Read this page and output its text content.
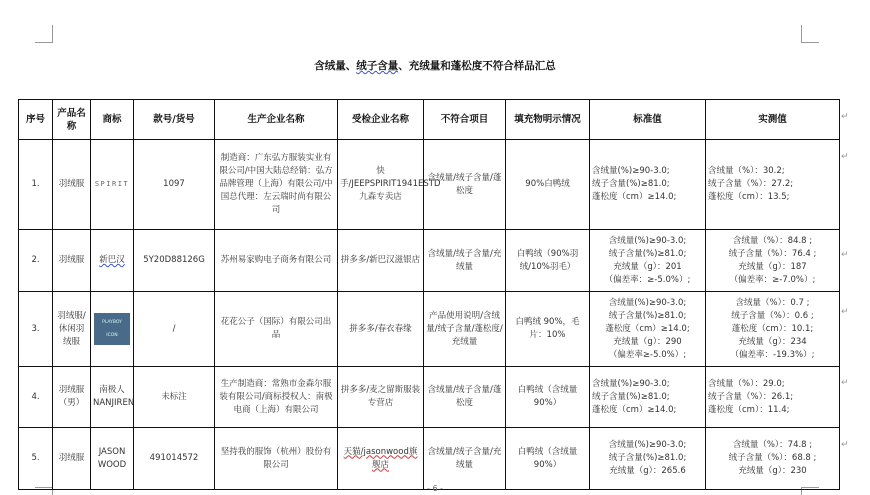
含绒量、绒子含量、充绒量和蓬松度不符合样品汇总
序号	产品名称	商标	款号/货号	生产企业名称	受检企业名称	不符合项目	填充物明示情况	标准值	实测值
1.	羽绒服	SPIRIT	1097	制造商：广东弘方服装实业有限公司/中国大陆总经销：弘方品牌管理（上海）有限公司/中国总代理：左云瑞时尚有限公司	快手/JEEPSPIRIT1941ESTD 九森专卖店	含绒量/绒子含量/蓬松度	90%白鸭绒	含绒量(%)≥90-3.0;
绒子含量(%)≥81.0;
蓬松度（cm）≥14.0;	含绒量（%）：30.2;
绒子含量（%）：27.2;
蓬松度（cm）：13.5;

2.	羽绒服	新巴汉	5Y20D88126G	苏州易家购电子商务有限公司	拼多多/新巴汉滋银店	含绒量/绒子含量/充绒量	白鸭绒（90%羽绒/10%羽毛）	含绒量(%)≥90-3.0;
绒子含量(%)≥81.0;
充绒量（g）：201
（偏差率：≥-5.0%）;	含绒量（%）：84.8 ;
绒子含量（%）：76.4 ;
充绒量（g）：187
（偏差率：≥-7.0%）;

3.	羽绒服/休闲羽绒服	PLAYBOY ICON	/	花花公子（国际）有限公司出品	拼多多/春衣春缘	产品使用说明/含绒量/绒子含量/蓬松度/充绒量	白鸭绒 90%，毛片：10%	含绒量(%)≥90-3.0;
绒子含量(%)≥81.0;
蓬松度（cm）≥14.0;
充绒量（g）：290
（偏差率≥-5.0%）;	含绒量（%）：0.7 ;
绒子含量（%）：0.6 ;
蓬松度（cm）：10.1;
充绒量（g）：234
（偏差率：-19.3%）;

4.	羽绒服（男）	南极人 NANJIREN	未标注	生产制造商：常熟市金森尔服装有限公司/商标授权人：南极电商（上海）有限公司	拼多多/麦之留斯服装专营店	含绒量/绒子含量/蓬松度	白鸭绒（含绒量 90%）	含绒量(%)≥90-3.0;
绒子含量(%)≥81.0;
蓬松度（cm）≥14.0;	含绒量（%）：29.0;
绒子含量（%）：26.1;
蓬松度（cm）：11.4;

5.	羽绒服	JASON WOOD	491014572	坚持我的服饰（杭州）股份有限公司	天猫/jasonwood旗舰店	含绒量/绒子含量/充绒量	白鸭绒（含绒量 90%）	含绒量(%)≥90-3.0;
绒子含量(%)≥81.0;
充绒量（g）：265.6	含绒量（%）：74.8 ;
绒子含量（%）：68.8 ;
充绒量（g）：230
↵
↵
↵
↵
↵
↵
- 6 -
